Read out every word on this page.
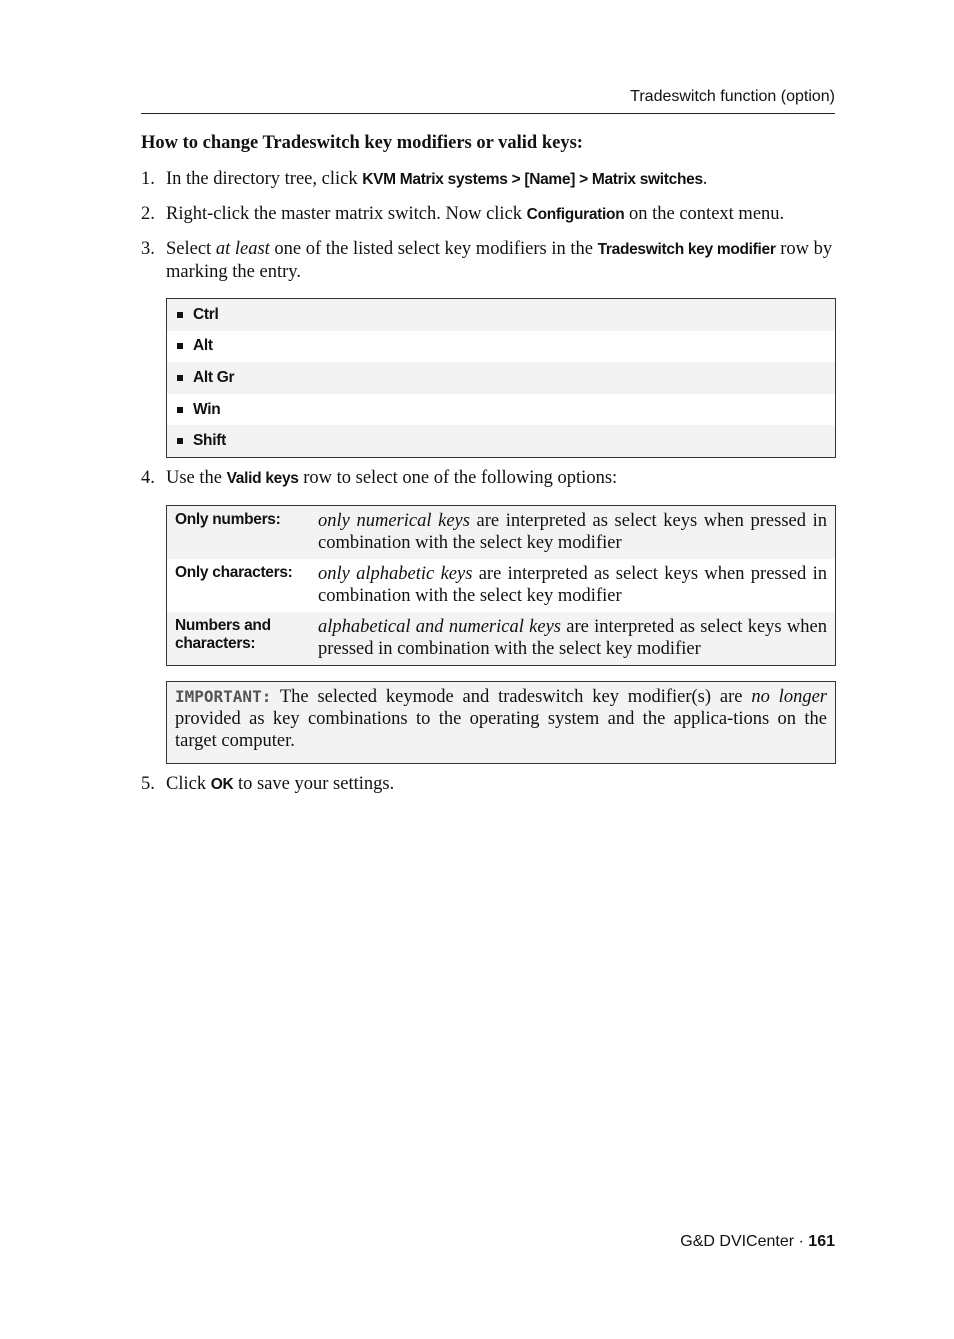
Tradeswitch function (option)
How to change Tradeswitch key modifiers or valid keys:
1. In the directory tree, click KVM Matrix systems > [Name] > Matrix switches.
2. Right-click the master matrix switch. Now click Configuration on the context menu.
3. Select at least one of the listed select key modifiers in the Tradeswitch key modifier row by marking the entry.
Ctrl
Alt
Alt Gr
Win
Shift
4. Use the Valid keys row to select one of the following options:
Only numbers:	only numerical keys are interpreted as select keys when pressed in combination with the select key modifier
Only characters:	only alphabetic keys are interpreted as select keys when pressed in combination with the select key modifier
Numbers and characters:
alphabetical and numerical keys are interpreted as select keys when pressed in combination with the select key modifier
IMPORTANT: The selected keymode and tradeswitch key modifier(s) are no longer provided as key combinations to the operating system and the applica-tions on the target computer.
5. Click OK to save your settings.
G&D DVICenter · 161
